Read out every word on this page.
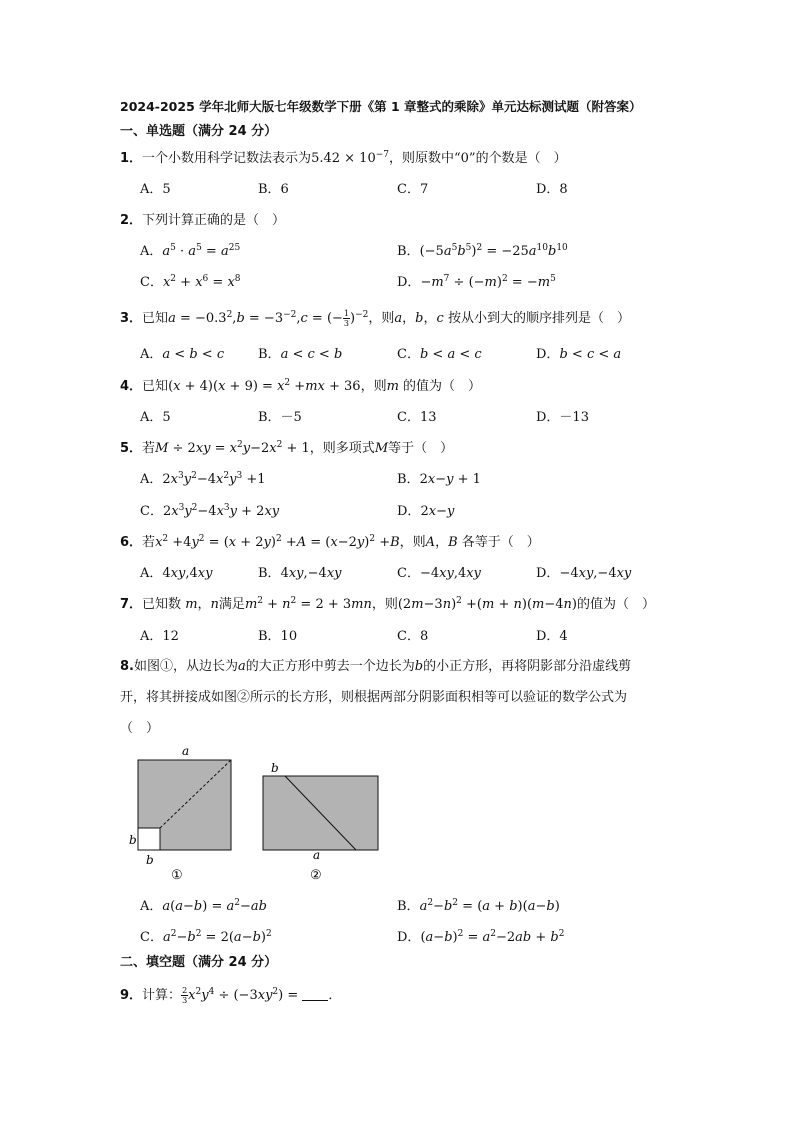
2024-2025 学年北师大版七年级数学下册《第 1 章整式的乘除》单元达标测试题（附答案）
一、单选题（满分 24 分）
1．一个小数用科学记数法表示为$5.42 \times 10^{-7}$，则原数中“0”的个数是（　）
A．5	B．6	C．7	D．8
2．下列计算正确的是（　）
A．$a^5 \cdot a^5 = a^{25}$	B．$(-5a^5b^5)^2 = -25a^{10}b^{10}$
C．$x^2 + x^6 = x^8$	D．$-m^7 \div (-m)^2 = -m^5$
3．已知$a = -0.3^2,b = -3^{-2},c$ = (− $\frac{1}{3} )^{-2}$，则a，b，c 按从小到大的顺序排列是（　）
A．a < b < c	B．a < c < b	C．b < a < c	D．b < c < a
4．已知$(x + 4)(x + 9) = x^2 +mx + 36$，则m 的值为（　）
A．5	B．－5	C．13	D．－13
5．若$M \div 2xy = x^2y-2x^2 + 1$，则多项式M等于（　）
A．$2x^3y^2-4x^2y^3 +1$	B．2x−y + 1
C．$2x^3y^2-4x^3y + 2xy$	D．2x−y
6．若$x^2 +4y^2 = (x + 2y)^2 +A = (x-2y)^2 +B$，则A，B 各等于（　）
A．4xy,4xy	B．4xy,−4xy	C．−4xy,4xy	D．−4xy,−4xy
7．已知数 m，n满足$m^2 + n^2 = 2 + 3mn$，则$(2m-3n)^2 +(m + n)(m-4n)$的值为（　）
A．12	B．10	C．8	D．4
8.如图①，从边长为a的大正方形中剪去一个边长为b的小正方形，再将阴影部分沿虚线剪
开，将其拼接成如图②所示的长方形，则根据两部分阴影面积相等可以验证的数学公式为
（　）
a
b
b
①
b
a
②
A．$a(a-b) = a^2-ab$	B．$a^2-b^2 = (a + b)(a-b)$
C．$a^2-b^2 = 2(a-b)^2$	D．$(a-b)^2 = a^2-2ab + b^2$
二、填空题（满分 24 分）
9．计算： $\frac{2}{3} x^2y^4 \div (-3xy^2)$ = ．
